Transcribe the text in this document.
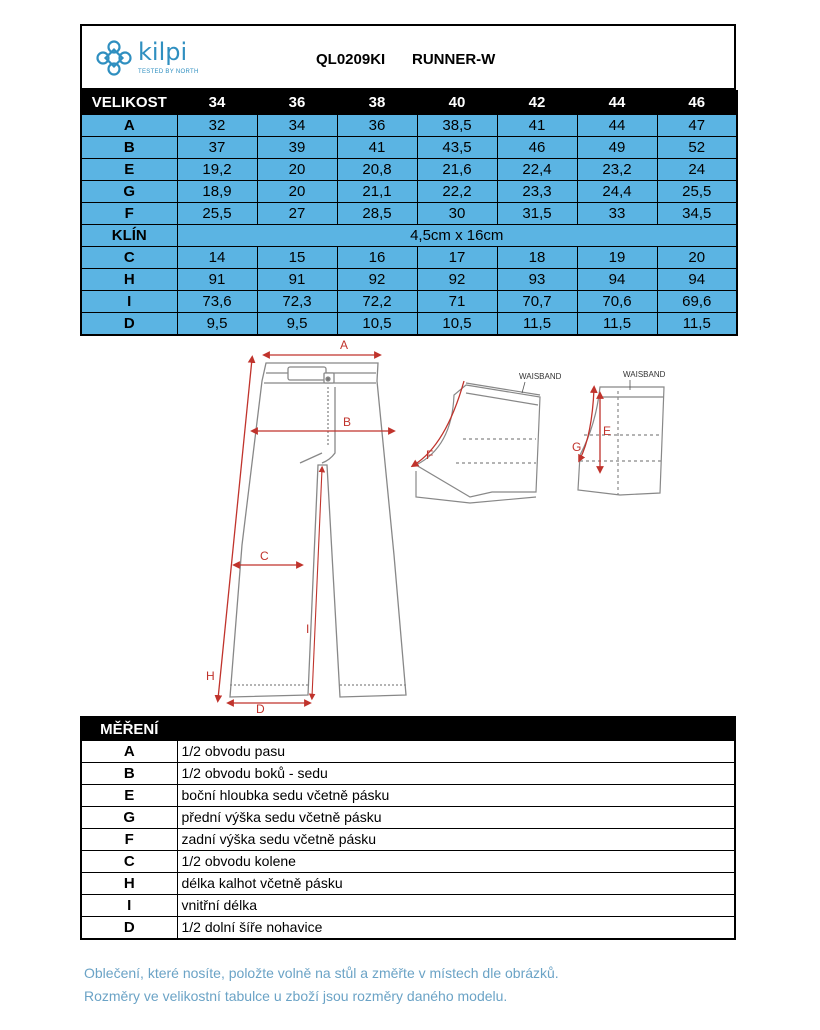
kilpi
TESTED BY NORTH
QL0209KI RUNNER-W
VELIKOST	34	36	38	40	42	44	46
A	32	34	36	38,5	41	44	47
B	37	39	41	43,5	46	49	52
E	19,2	20	20,8	21,6	22,4	23,2	24
G	18,9	20	21,1	22,2	23,3	24,4	25,5
F	25,5	27	28,5	30	31,5	33	34,5
KLÍN	4,5cm x 16cm						
C	14	15	16	17	18	19	20
H	91	91	92	92	93	94	94
I	73,6	72,3	72,2	71	70,7	70,6	69,6
D	9,5	9,5	10,5	10,5	11,5	11,5	11,5
A
B
C
D
H
I
F
WAISBAND
E
G
WAISBAND
MĚŘENÍ	
A	1/2 obvodu pasu
B	1/2 obvodu boků - sedu
E	boční hloubka sedu včetně pásku
G	přední výška sedu včetně pásku
F	zadní výška sedu včetně pásku
C	1/2 obvodu kolene
H	délka kalhot včetně pásku
I	vnitřní délka
D	1/2 dolní šíře nohavice
Oblečení, které nosíte, položte volně na stůl a změřte v místech dle obrázků.
Rozměry ve velikostní tabulce u zboží jsou rozměry daného modelu.
